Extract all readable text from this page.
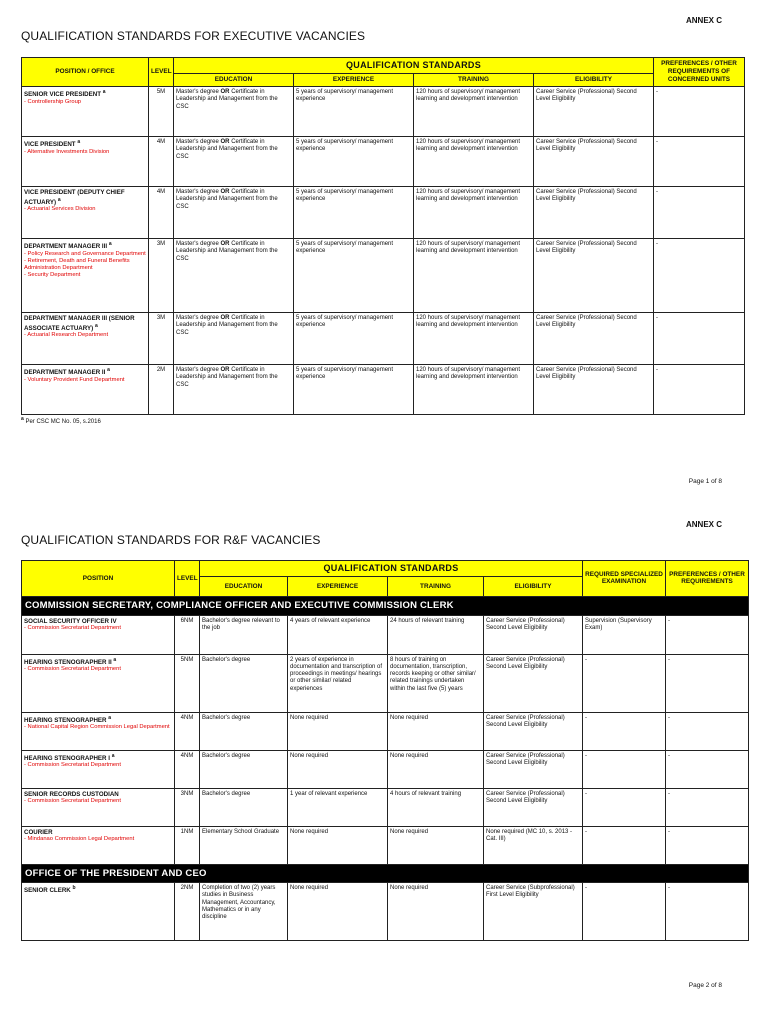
ANNEX C
QUALIFICATION STANDARDS FOR EXECUTIVE VACANCIES
POSITION / OFFICE	LEVEL	QUALIFICATION STANDARDS				PREFERENCES / OTHER REQUIREMENTS OF CONCERNED UNITS
		EDUCATION	EXPERIENCE	TRAINING	ELIGIBILITY	

SENIOR VICE PRESIDENT $^a$
- Controllership Group	5M	Master's degree OR Certificate in Leadership and Management from the CSC	5 years of supervisory/ management experience	120 hours of supervisory/ management learning and development intervention	Career Service (Professional) Second Level Eligibility	-

VICE PRESIDENT $^a$
- Alternative Investments Division	4M	Master's degree OR Certificate in Leadership and Management from the CSC	5 years of supervisory/ management experience	120 hours of supervisory/ management learning and development intervention	Career Service (Professional) Second Level Eligibility	-

VICE PRESIDENT (DEPUTY CHIEF ACTUARY) $^a$
- Actuarial Services Division	4M	Master's degree OR Certificate in Leadership and Management from the CSC	5 years of supervisory/ management experience	120 hours of supervisory/ management learning and development intervention	Career Service (Professional) Second Level Eligibility	-

DEPARTMENT MANAGER III $^a$
- Policy Research and Governance Department
- Retirement, Death and Funeral Benefits Administration Department
- Security Department	3M	Master's degree OR Certificate in Leadership and Management from the CSC	5 years of supervisory/ management experience	120 hours of supervisory/ management learning and development intervention	Career Service (Professional) Second Level Eligibility	-

DEPARTMENT MANAGER III (SENIOR ASSOCIATE ACTUARY) $^a$
- Actuarial Research Department	3M	Master's degree OR Certificate in Leadership and Management from the CSC	5 years of supervisory/ management experience	120 hours of supervisory/ management learning and development intervention	Career Service (Professional) Second Level Eligibility	-

DEPARTMENT MANAGER II $^a$
- Voluntary Provident Fund Department	2M	Master's degree OR Certificate in Leadership and Management from the CSC	5 years of supervisory/ management experience	120 hours of supervisory/ management learning and development intervention	Career Service (Professional) Second Level Eligibility	-
$^a$ Per CSC MC No. 05, s.2016
Page 1 of 8
ANNEX C
QUALIFICATION STANDARDS FOR R&F VACANCIES
POSITION	LEVEL	QUALIFICATION STANDARDS				REQUIRED SPECIALIZED EXAMINATION	PREFERENCES / OTHER REQUIREMENTS
		EDUCATION	EXPERIENCE	TRAINING	ELIGIBILITY		
COMMISSION SECRETARY, COMPLIANCE OFFICER AND EXECUTIVE COMMISSION CLERK							

SOCIAL SECURITY OFFICER IV
- Commission Secretariat Department	6NM	Bachelor's degree relevant to the job	4 years of relevant experience	24 hours of relevant training	Career Service (Professional) Second Level Eligibility	Supervision (Supervisory Exam)	-

HEARING STENOGRAPHER II $^a$
- Commission Secretariat Department	5NM	Bachelor's degree	2 years of experience in documentation and transcription of proceedings in meetings/ hearings or other similar/ related experiences	8 hours of training on documentation, transcription, records keeping or other similar/ related trainings undertaken within the last five (5) years	Career Service (Professional) Second Level Eligibility	-	-

HEARING STENOGRAPHER $^a$
- National Capital Region Commission Legal Department	4NM	Bachelor's degree	None required	None required	Career Service (Professional) Second Level Eligibility	-	-

HEARING STENOGRAPHER I $^a$
- Commission Secretariat Department	4NM	Bachelor's degree	None required	None required	Career Service (Professional) Second Level Eligibility	-	-

SENIOR RECORDS CUSTODIAN
- Commission Secretariat Department	3NM	Bachelor's degree	1 year of relevant experience	4 hours of relevant training	Career Service (Professional) Second Level Eligibility	-	-

COURIER
- Mindanao Commission Legal Department	1NM	Elementary School Graduate	None required	None required	None required (MC 10, s. 2013 - Cat. III)	-	-
OFFICE OF THE PRESIDENT AND CEO							

SENIOR CLERK $^b$	2NM	Completion of two (2) years studies in Business Management, Accountancy, Mathematics or in any discipline	None required	None required	Career Service (Subprofessional) First Level Eligibility	-	-
Page 2 of 8
